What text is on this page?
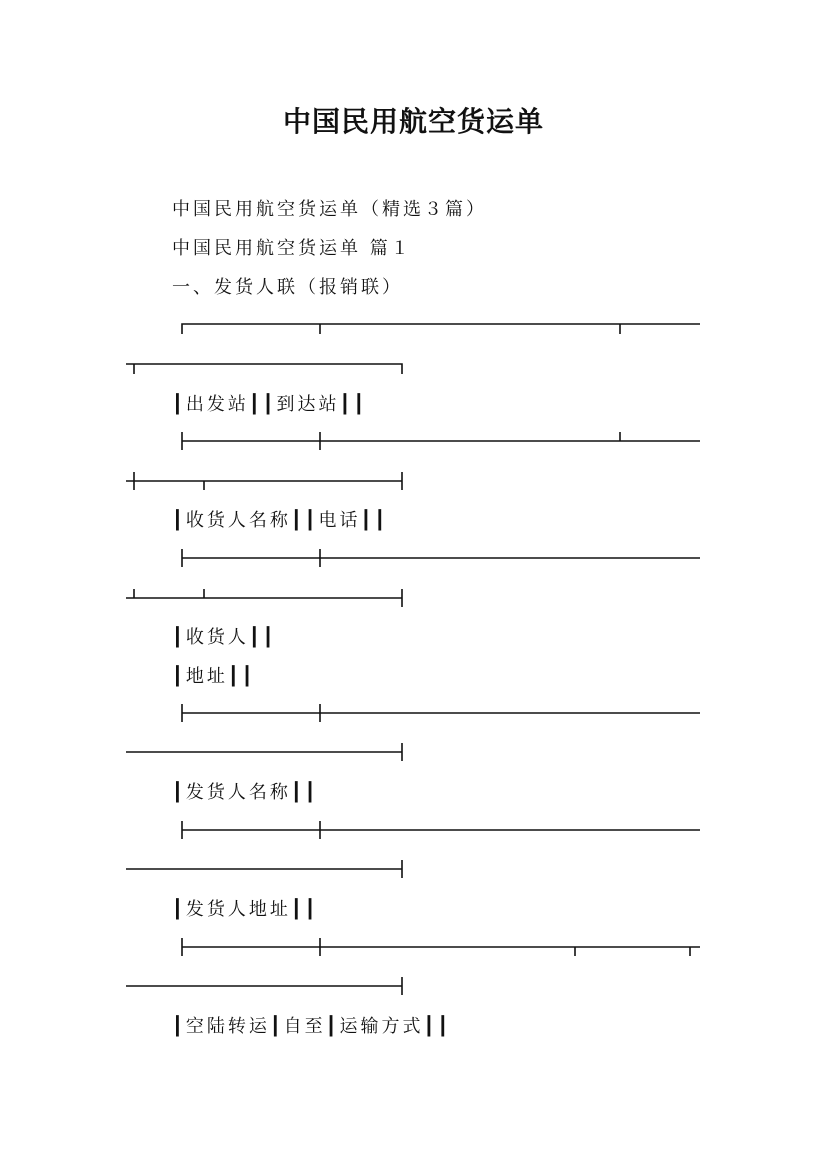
中国民用航空货运单
中国民用航空货运单（精选３篇）
中国民用航空货运单 篇１
一、发货人联（报销联）
┃出发站┃┃到达站┃┃
┃收货人名称┃┃电话┃┃
┃收货人┃┃
┃地址┃┃
┃发货人名称┃┃
┃发货人地址┃┃
┃空陆转运┃自至┃运输方式┃┃
